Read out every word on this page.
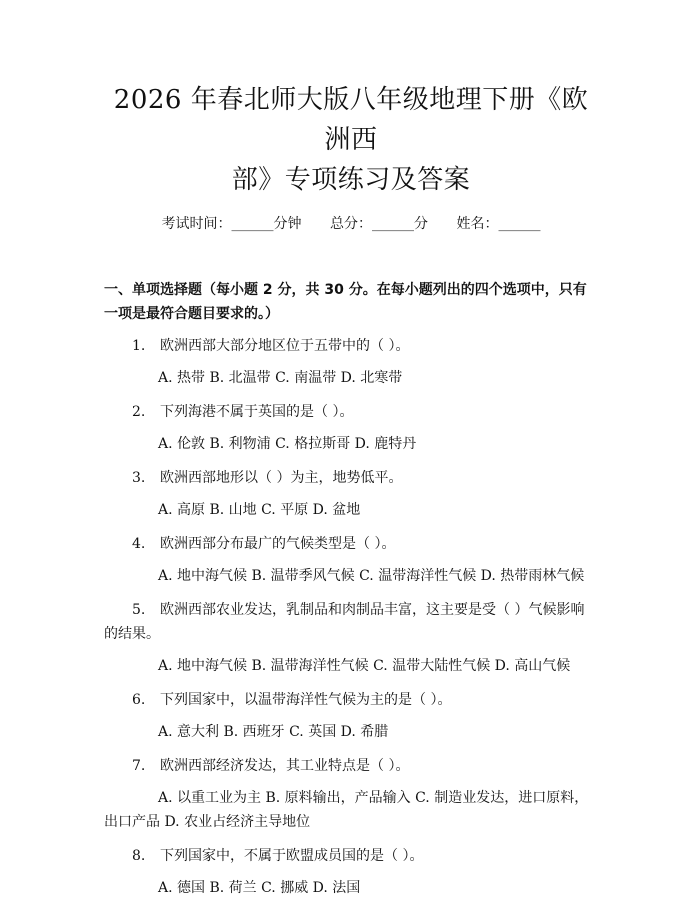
2026 年春北师大版八年级地理下册《欧洲西
部》专项练习及答案
考试时间：______分钟 总分：______分 姓名：______
一、单项选择题（每小题 2 分，共 30 分。在每小题列出的四个选项中，只有一项是最符合题目要求的。）

1. 欧洲西部大部分地区位于五带中的（ ）。

A. 热带 B. 北温带 C. 南温带 D. 北寒带

2. 下列海港不属于英国的是（ ）。

A. 伦敦 B. 利物浦 C. 格拉斯哥 D. 鹿特丹

3. 欧洲西部地形以（ ）为主，地势低平。

A. 高原 B. 山地 C. 平原 D. 盆地

4. 欧洲西部分布最广的气候类型是（ ）。

A. 地中海气候 B. 温带季风气候 C. 温带海洋性气候 D. 热带雨林气候

5. 欧洲西部农业发达，乳制品和肉制品丰富，这主要是受（ ）气候影响的结果。

A. 地中海气候 B. 温带海洋性气候 C. 温带大陆性气候 D. 高山气候

6. 下列国家中，以温带海洋性气候为主的是（ ）。

A. 意大利 B. 西班牙 C. 英国 D. 希腊

7. 欧洲西部经济发达，其工业特点是（ ）。

A. 以重工业为主 B. 原料输出，产品输入 C. 制造业发达，进口原料，出口产品 D. 农业占经济主导地位

8. 下列国家中，不属于欧盟成员国的是（ ）。

A. 德国 B. 荷兰 C. 挪威 D. 法国
